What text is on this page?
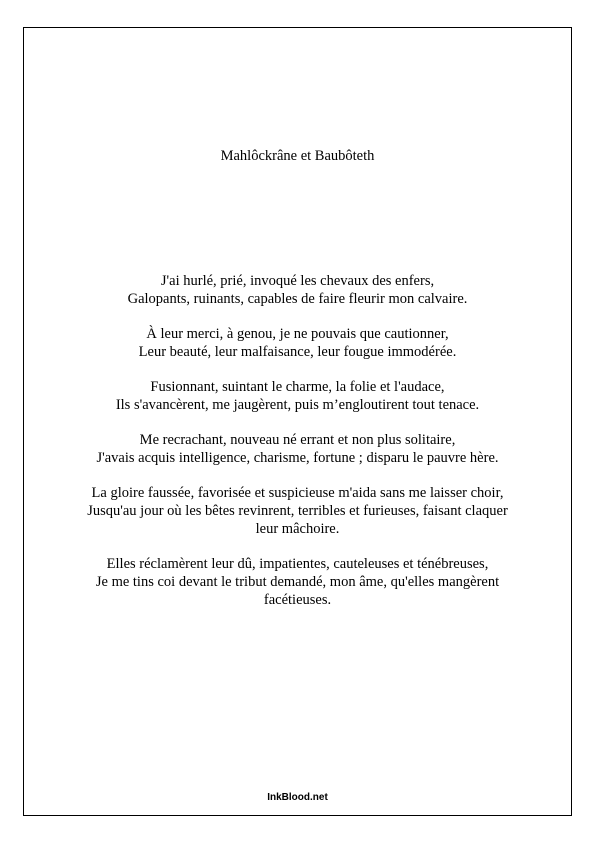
Mahlôckrâne et Baubôteth
J'ai hurlé, prié, invoqué les chevaux des enfers,
Galopants, ruinants, capables de faire fleurir mon calvaire.
À leur merci, à genou, je ne pouvais que cautionner,
Leur beauté, leur malfaisance, leur fougue immodérée.
Fusionnant, suintant le charme, la folie et l'audace,
Ils s'avancèrent, me jaugèrent, puis m’engloutirent tout tenace.
Me recrachant, nouveau né errant et non plus solitaire,
J'avais acquis intelligence, charisme, fortune ; disparu le pauvre hère.
La gloire faussée, favorisée et suspicieuse m'aida sans me laisser choir,
Jusqu'au jour où les bêtes revinrent, terribles et furieuses, faisant claquer
leur mâchoire.
Elles réclamèrent leur dû, impatientes, cauteleuses et ténébreuses,
Je me tins coi devant le tribut demandé, mon âme, qu'elles mangèrent
facétieuses.
InkBlood.net
